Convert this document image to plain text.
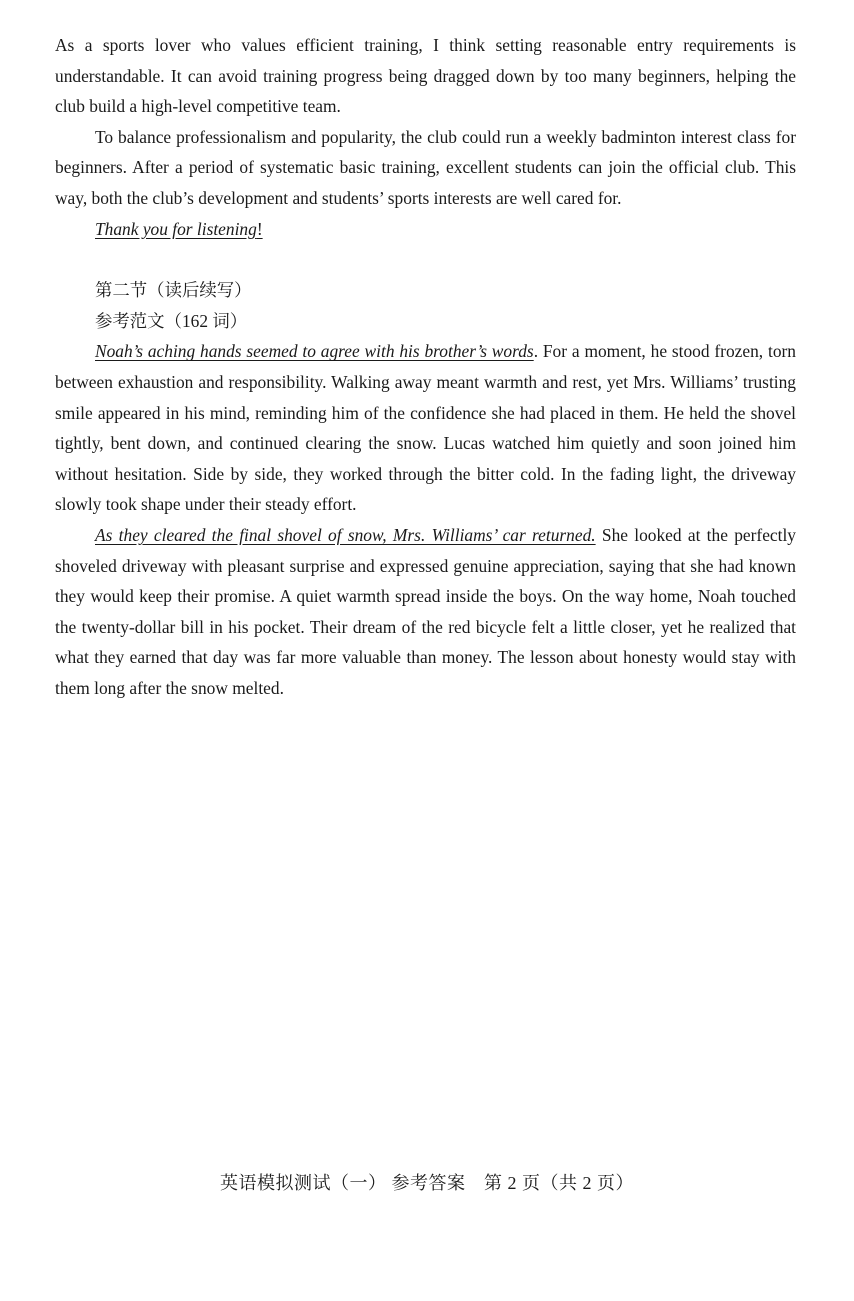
As a sports lover who values efficient training, I think setting reasonable entry requirements is understandable. It can avoid training progress being dragged down by too many beginners, helping the club build a high-level competitive team.

To balance professionalism and popularity, the club could run a weekly badminton interest class for beginners. After a period of systematic basic training, excellent students can join the official club. This way, both the club’s development and students’ sports interests are well cared for.

Thank you for listening!

第二节（读后续写）

参考范文（162 词）

Noah’s aching hands seemed to agree with his brother’s words. For a moment, he stood frozen, torn between exhaustion and responsibility. Walking away meant warmth and rest, yet Mrs. Williams’ trusting smile appeared in his mind, reminding him of the confidence she had placed in them. He held the shovel tightly, bent down, and continued clearing the snow. Lucas watched him quietly and soon joined him without hesitation. Side by side, they worked through the bitter cold. In the fading light, the driveway slowly took shape under their steady effort.

As they cleared the final shovel of snow, Mrs. Williams’ car returned. She looked at the perfectly shoveled driveway with pleasant surprise and expressed genuine appreciation, saying that she had known they would keep their promise. A quiet warmth spread inside the boys. On the way home, Noah touched the twenty-dollar bill in his pocket. Their dream of the red bicycle felt a little closer, yet he realized that what they earned that day was far more valuable than money. The lesson about honesty would stay with them long after the snow melted.

英语模拟测试（一） 参考答案　第 2 页（共 2 页）
